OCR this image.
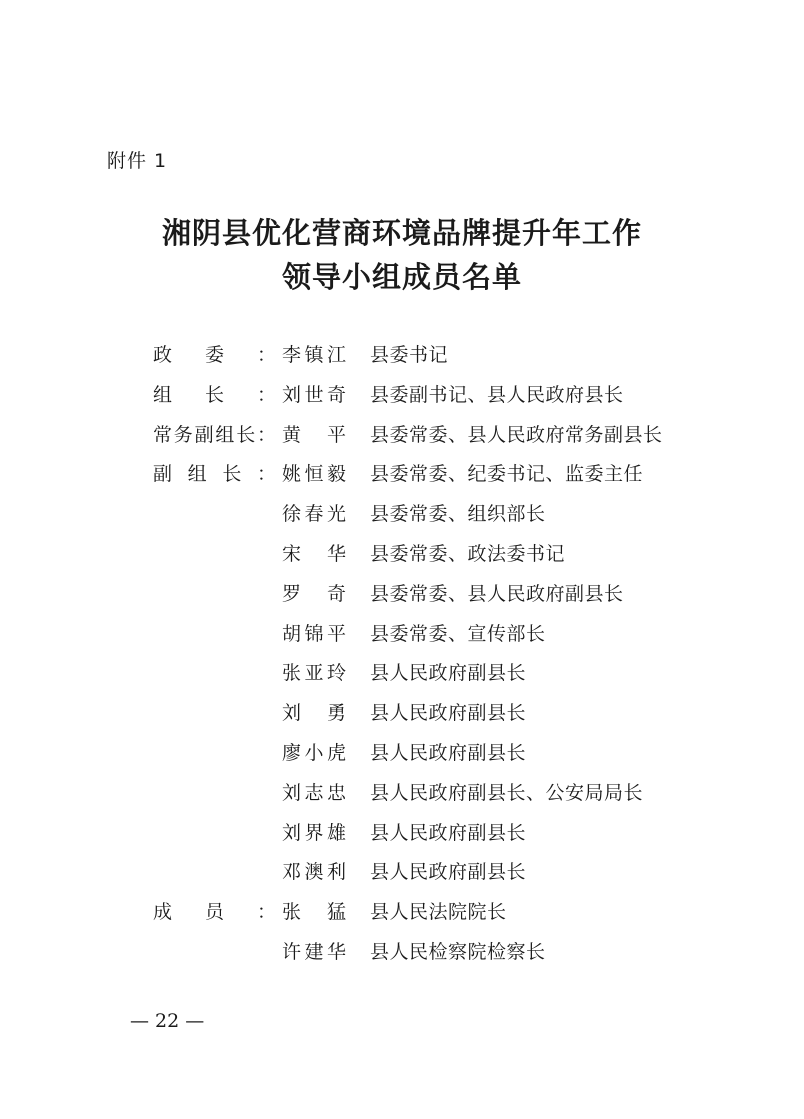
附件 1
湘阴县优化营商环境品牌提升年工作
领导小组成员名单
政 委 ： 李 镇 江 县委书记
组 长 ： 刘 世 奇 县委副书记、县人民政府县长
常 务 副 组 长 ： 黄 平 县委常委、县人民政府常务副县长
副 组 长 ： 姚 恒 毅 县委常委、纪委书记、监委主任
徐 春 光 县委常委、组织部长
宋 华 县委常委、政法委书记
罗 奇 县委常委、县人民政府副县长
胡 锦 平 县委常委、宣传部长
张 亚 玲 县人民政府副县长
刘 勇 县人民政府副县长
廖 小 虎 县人民政府副县长
刘 志 忠 县人民政府副县长、公安局局长
刘 界 雄 县人民政府副县长
邓 澳 利 县人民政府副县长
成 员 ： 张 猛 县人民法院院长
许 建 华 县人民检察院检察长
— 22 —
